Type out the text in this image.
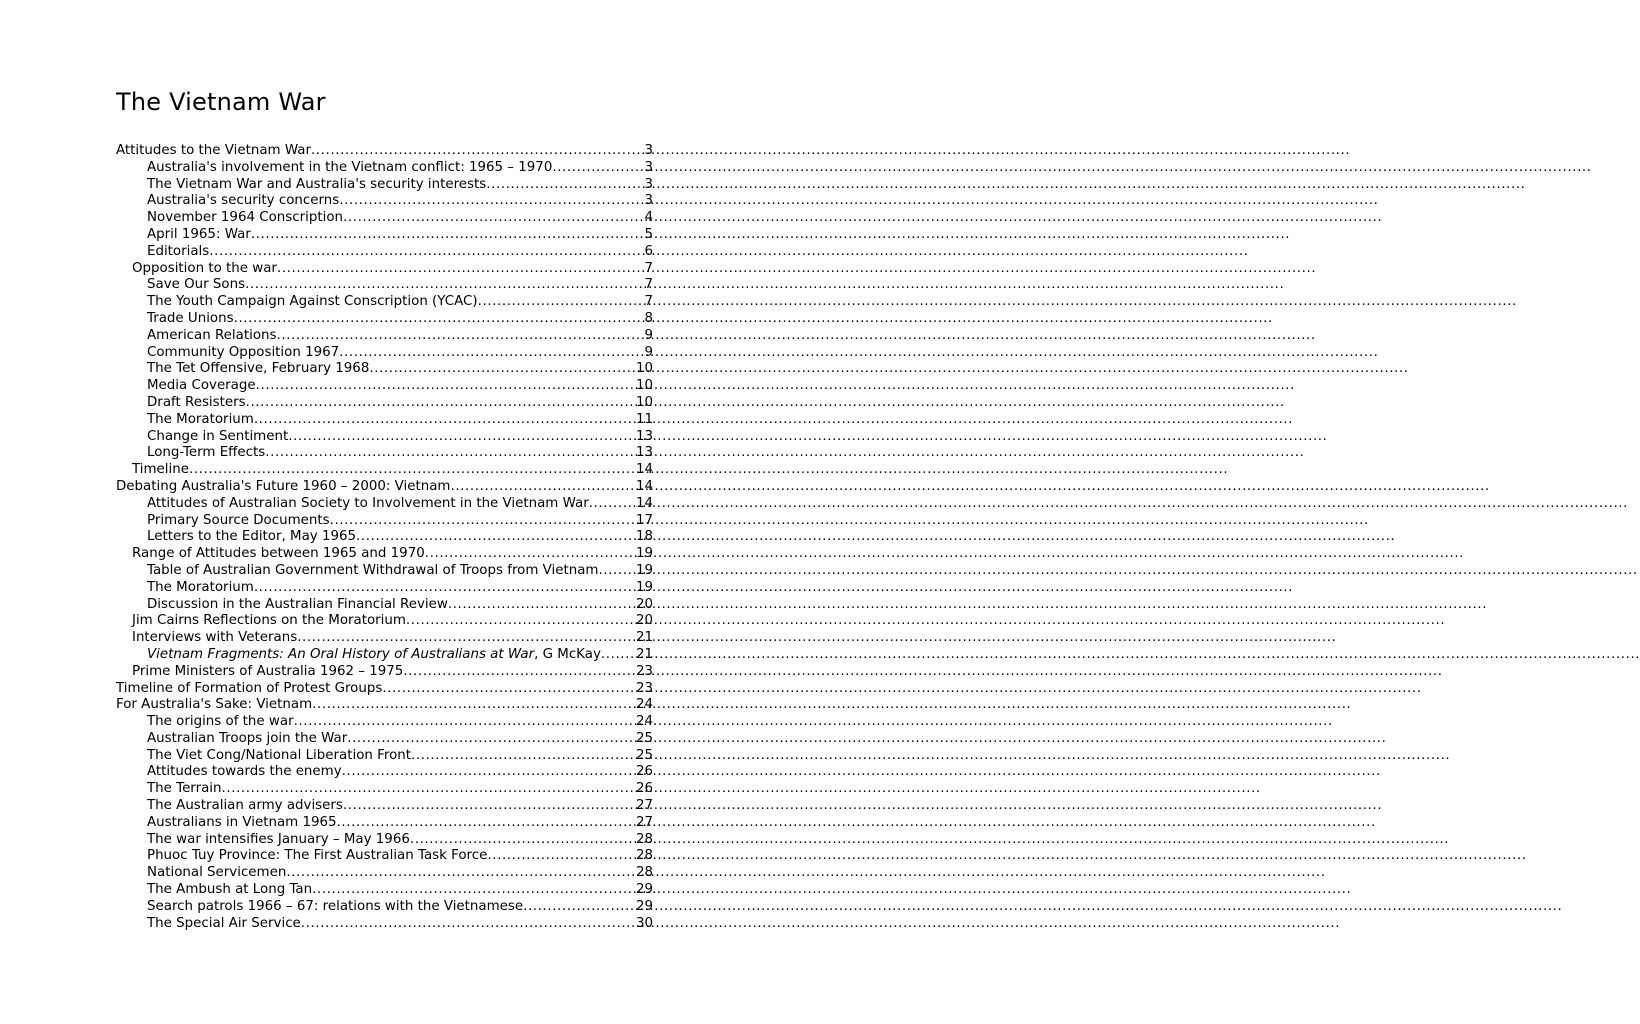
The Vietnam War
Attitudes to the Vietnam War .....	3
Australia's involvement in the Vietnam conflict: 1965 – 1970 .....	3
The Vietnam War and Australia's security interests .....	3
Australia's security concerns .....	3
November 1964 Conscription .....	4
April 1965: War .....	5
Editorials .....	6
Opposition to the war .....	7
Save Our Sons .....	7
The Youth Campaign Against Conscription (YCAC) .....	7
Trade Unions .....	8
American Relations .....	9
Community Opposition 1967 .....	9
The Tet Offensive, February 1968 .....	10
Media Coverage .....	10
Draft Resisters .....	10
The Moratorium .....	11
Change in Sentiment .....	13
Long-Term Effects .....	13
Timeline .....	14
Debating Australia's Future 1960 – 2000: Vietnam .....	14
Attitudes of Australian Society to Involvement in the Vietnam War .....	14
Primary Source Documents .....	17
Letters to the Editor, May 1965 .....	18
Range of Attitudes between 1965 and 1970 .....	19
Table of Australian Government Withdrawal of Troops from Vietnam .....	19
The Moratorium .....	19
Discussion in the Australian Financial Review .....	20
Jim Cairns Reflections on the Moratorium .....	20
Interviews with Veterans .....	21
Vietnam Fragments: An Oral History of Australians at War, G McKay .....	21
Prime Ministers of Australia 1962 – 1975 .....	23
Timeline of Formation of Protest Groups .....	23
For Australia's Sake: Vietnam .....	24
The origins of the war .....	24
Australian Troops join the War .....	25
The Viet Cong/National Liberation Front .....	25
Attitudes towards the enemy .....	26
The Terrain .....	26
The Australian army advisers .....	27
Australians in Vietnam 1965 .....	27
The war intensifies January – May 1966 .....	28
Phuoc Tuy Province: The First Australian Task Force .....	28
National Servicemen .....	28
The Ambush at Long Tan .....	29
Search patrols 1966 – 67: relations with the Vietnamese .....	29
The Special Air Service .....	30
